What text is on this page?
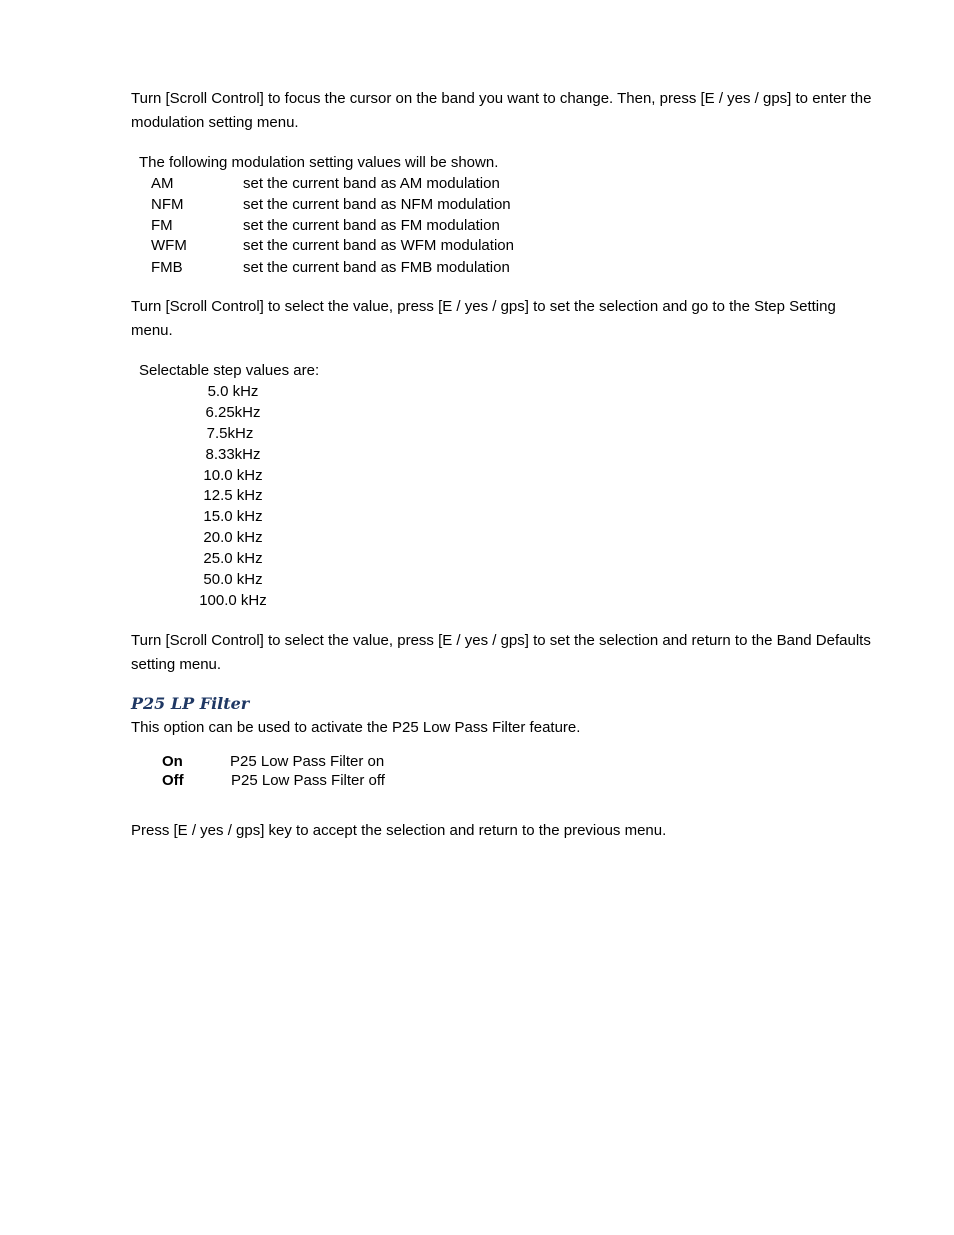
Turn [Scroll Control] to focus the cursor on the band you want to change. Then, press [E / yes / gps] to enter the modulation setting menu.

The following modulation setting values will be shown.
AM	set the current band as AM modulation
NFM	set the current band as NFM modulation
FM	set the current band as FM modulation
WFM	set the current band as WFM modulation
FMB	set the current band as FMB modulation

Turn [Scroll Control] to select the value, press [E / yes / gps] to set the selection and go to the Step Setting menu.

Selectable step values are:
5.0 kHz
6.25kHz
7.5kHz
8.33kHz
10.0 kHz
12.5 kHz
15.0 kHz
20.0 kHz
25.0 kHz
50.0 kHz
100.0 kHz

Turn [Scroll Control] to select the value, press [E / yes / gps] to set the selection and return to the Band Defaults setting menu.

P25 LP Filter
This option can be used to activate the P25 Low Pass Filter feature.
On	P25 Low Pass Filter on
Off	P25 Low Pass Filter off
Press [E / yes / gps] key to accept the selection and return to the previous menu.
